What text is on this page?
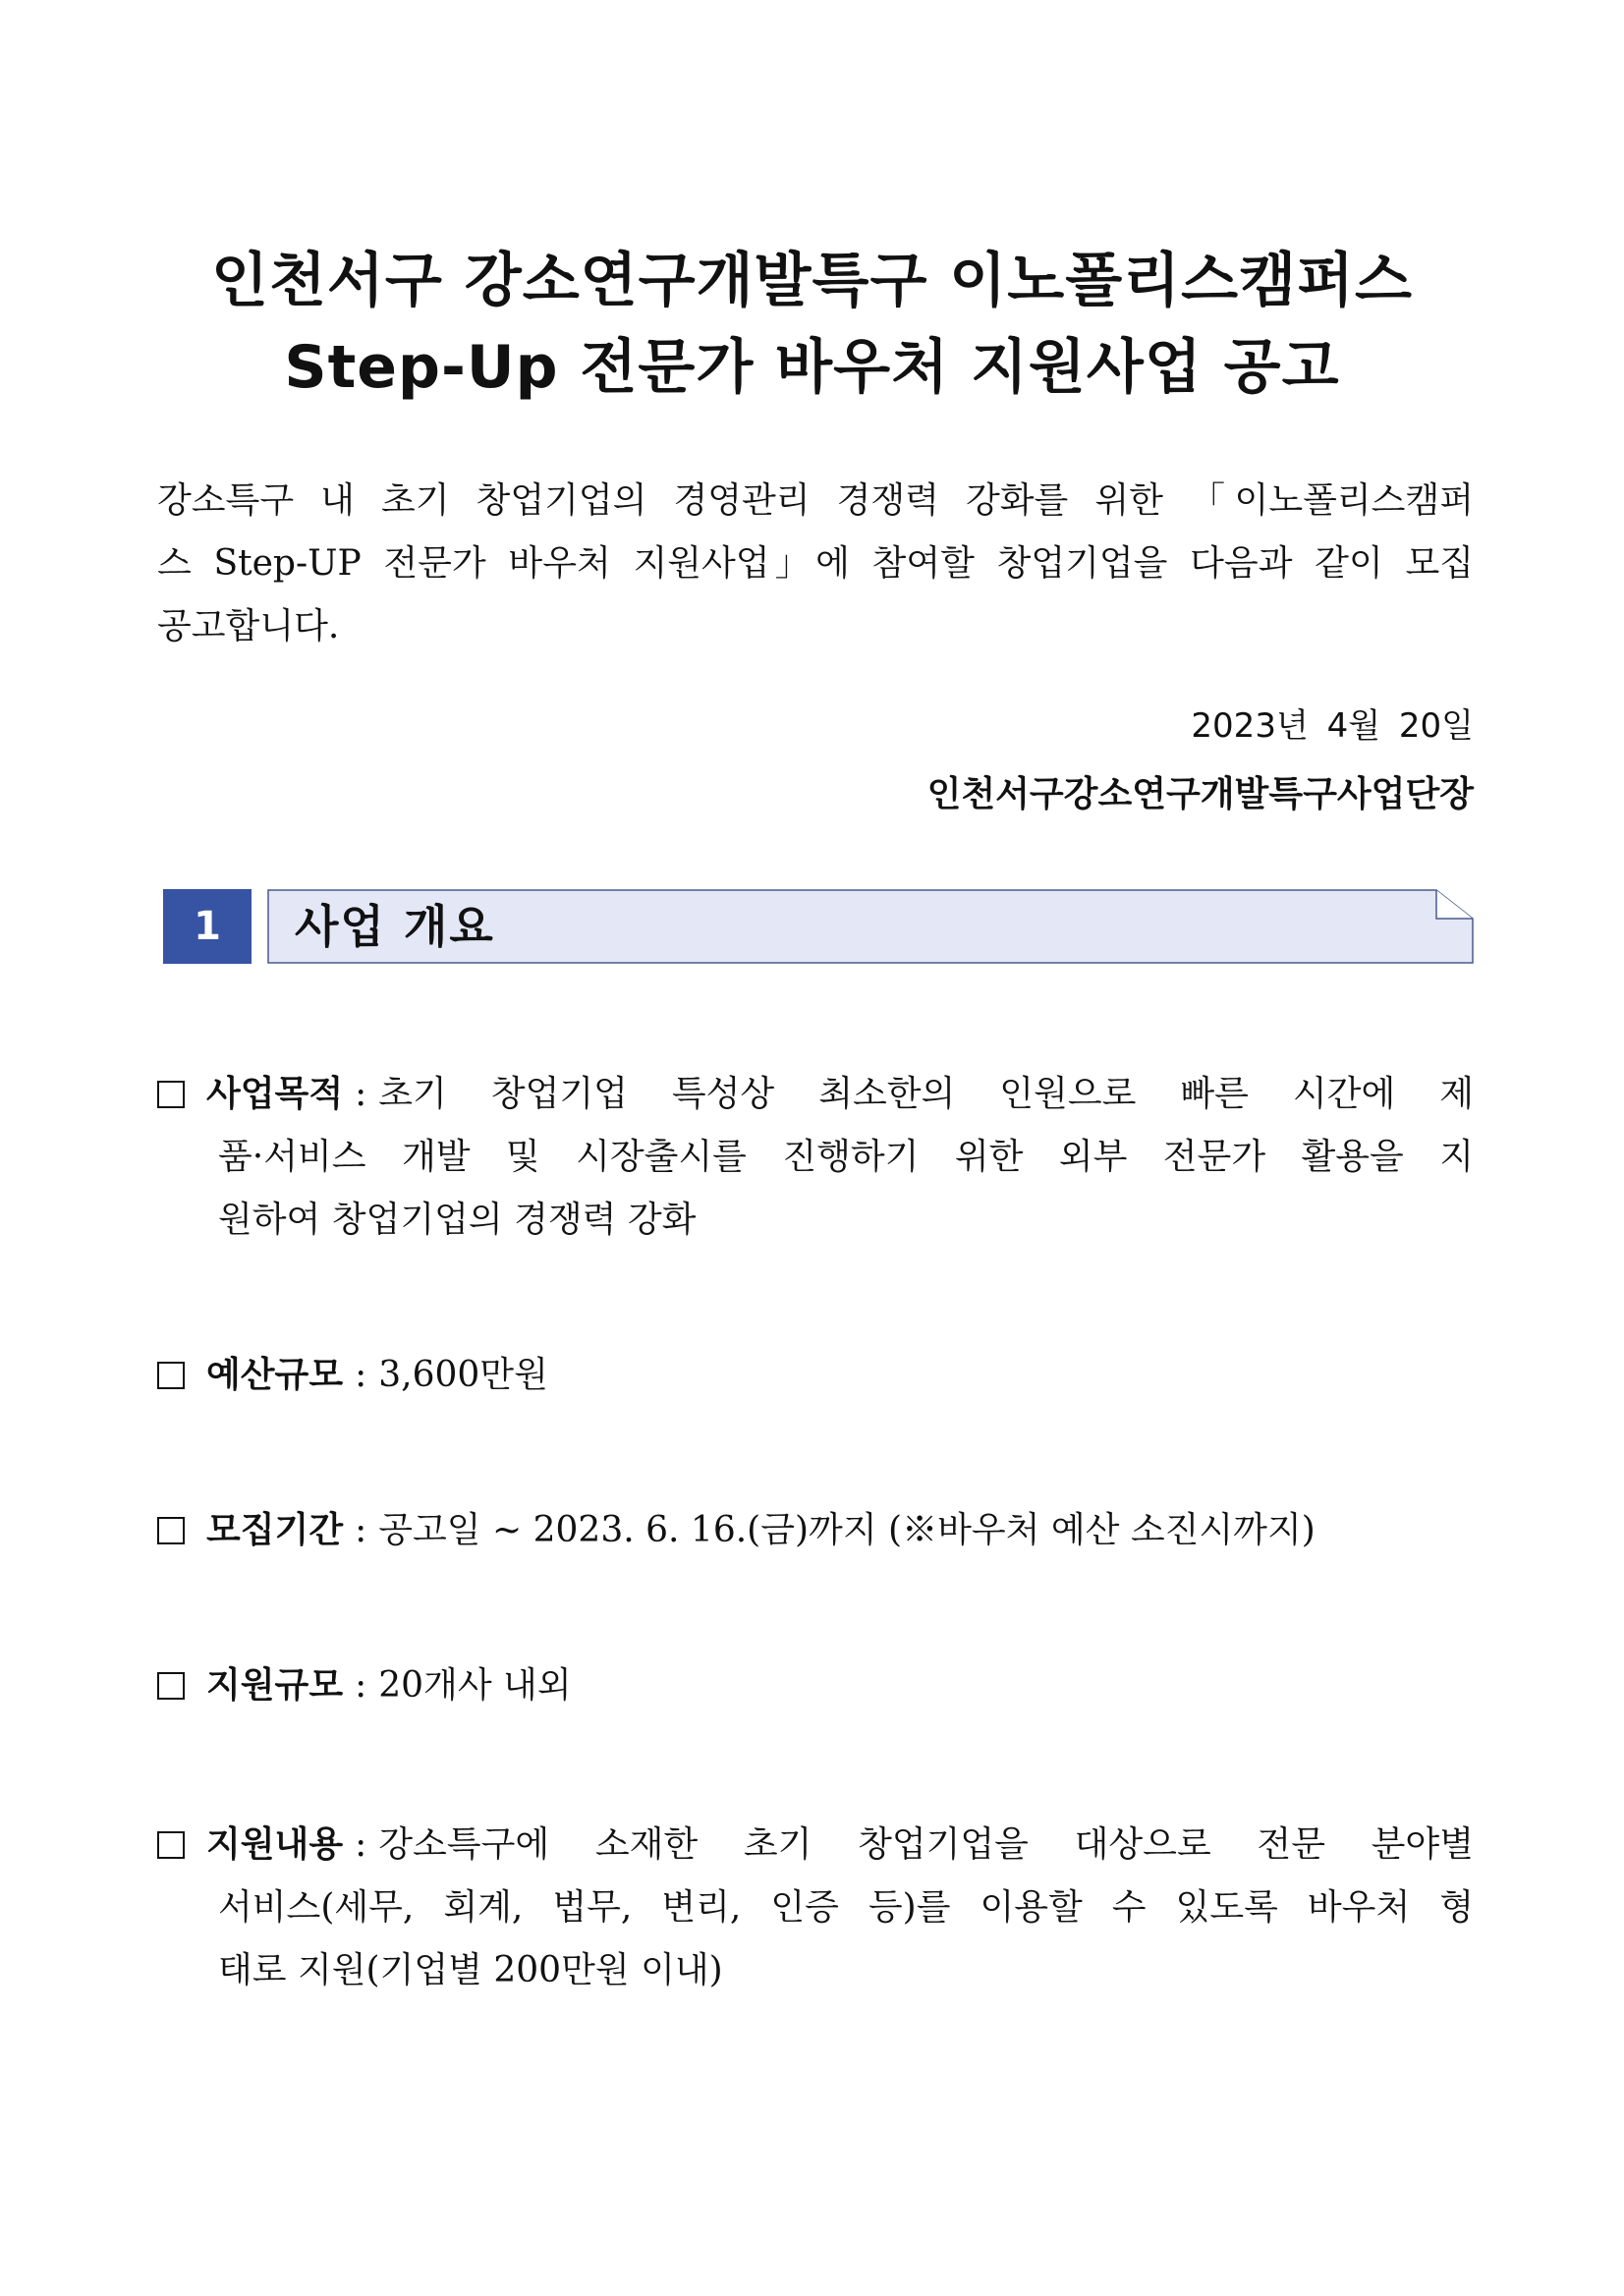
인천서구 강소연구개발특구 이노폴리스캠퍼스
Step-Up 전문가 바우처 지원사업 공고
강소특구 내 초기 창업기업의 경영관리 경쟁력 강화를 위한 「이노폴리스캠퍼
스 Step-UP 전문가 바우처 지원사업」에 참여할 창업기업을 다음과 같이 모집
공고합니다.
2023년 4월 20일
인천서구강소연구개발특구사업단장
1	사업 개요
사업목적 : 초기 창업기업 특성상 최소한의 인원으로 빠른 시간에 제
품·서비스 개발 및 시장출시를 진행하기 위한 외부 전문가 활용을 지
원하여 창업기업의 경쟁력 강화
예산규모 : 3,600만원
모집기간 : 공고일 ~ 2023. 6. 16.(금)까지 (※바우처 예산 소진시까지)
지원규모 : 20개사 내외
지원내용 : 강소특구에 소재한 초기 창업기업을 대상으로 전문 분야별
서비스(세무, 회계, 법무, 변리, 인증 등)를 이용할 수 있도록 바우처 형
태로 지원(기업별 200만원 이내)
